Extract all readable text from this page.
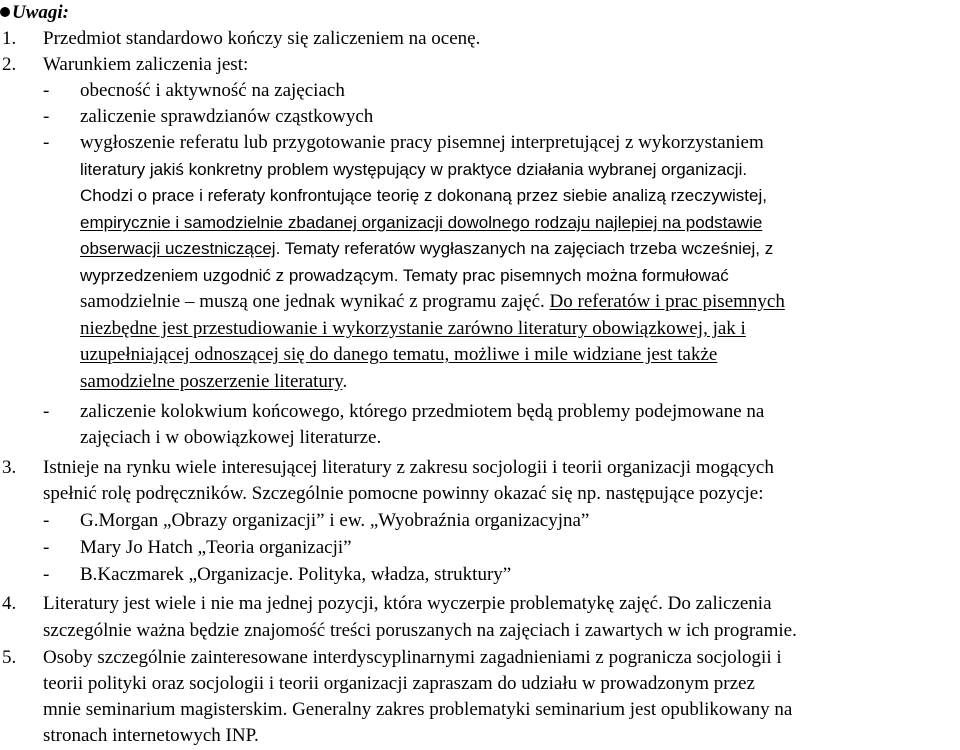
Uwagi:
1. Przedmiot standardowo kończy się zaliczeniem na ocenę.
2. Warunkiem zaliczenia jest:
- obecność i aktywność na zajęciach
- zaliczenie sprawdzianów cząstkowych
- wygłoszenie referatu lub przygotowanie pracy pisemnej interpretującej z wykorzystaniem
literatury jakiś konkretny problem występujący w praktyce działania wybranej organizacji.
Chodzi o prace i referaty konfrontujące teorię z dokonaną przez siebie analizą rzeczywistej,
empirycznie i samodzielnie zbadanej organizacji dowolnego rodzaju najlepiej na podstawie
obserwacji uczestniczącej. Tematy referatów wygłaszanych na zajęciach trzeba wcześniej, z
wyprzedzeniem uzgodnić z prowadzącym. Tematy prac pisemnych można formułować
samodzielnie – muszą one jednak wynikać z programu zajęć. Do referatów i prac pisemnych
niezbędne jest przestudiowanie i wykorzystanie zarówno literatury obowiązkowej, jak i
uzupełniającej odnoszącej się do danego tematu, możliwe i mile widziane jest także
samodzielne poszerzenie literatury.
- zaliczenie kolokwium końcowego, którego przedmiotem będą problemy podejmowane na
zajęciach i w obowiązkowej literaturze.
3. Istnieje na rynku wiele interesującej literatury z zakresu socjologii i teorii organizacji mogących
spełnić rolę podręczników. Szczególnie pomocne powinny okazać się np. następujące pozycje:
- G.Morgan „Obrazy organizacji” i ew. „Wyobraźnia organizacyjna”
- Mary Jo Hatch „Teoria organizacji”
- B.Kaczmarek „Organizacje. Polityka, władza, struktury”
4. Literatury jest wiele i nie ma jednej pozycji, która wyczerpie problematykę zajęć. Do zaliczenia
szczególnie ważna będzie znajomość treści poruszanych na zajęciach i zawartych w ich programie.
5. Osoby szczególnie zainteresowane interdyscyplinarnymi zagadnieniami z pogranicza socjologii i
teorii polityki oraz socjologii i teorii organizacji zapraszam do udziału w prowadzonym przez
mnie seminarium magisterskim. Generalny zakres problematyki seminarium jest opublikowany na
stronach internetowych INP.
